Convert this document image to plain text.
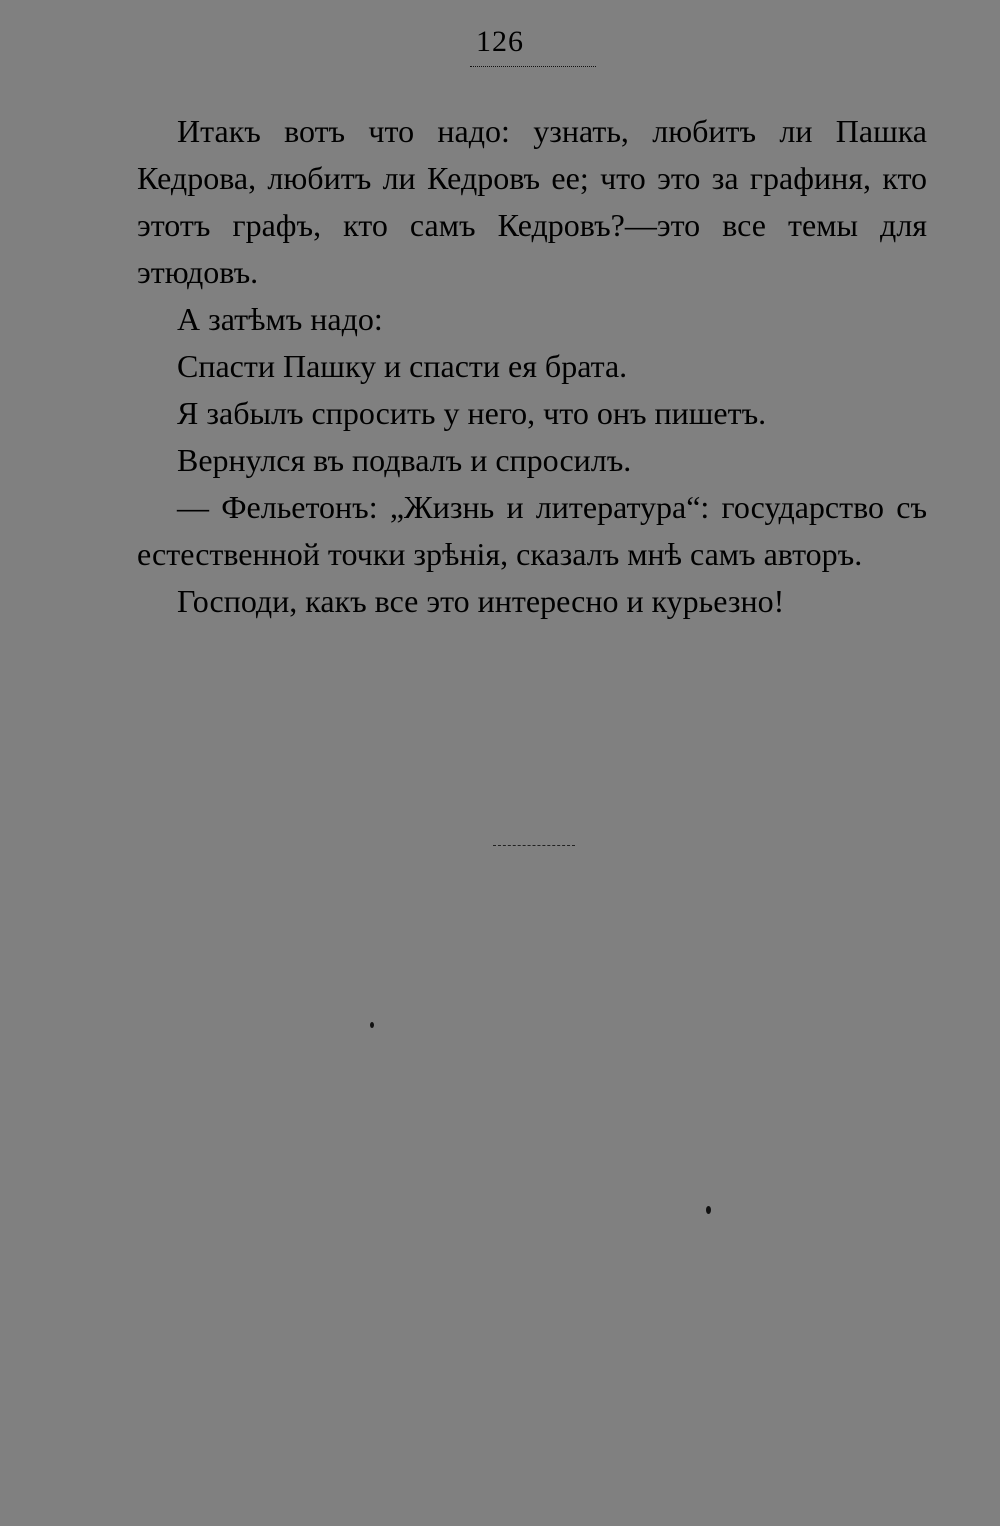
126

Итакъ вотъ что надо: узнать, любитъ ли Пашка Кедрова, любитъ ли Кедровъ ее; что это за графиня, кто этотъ графъ, кто самъ Кедровъ?—это все темы для этюдовъ.

А затѣмъ надо:

Спасти Пашку и спасти ея брата.

Я забылъ спросить у него, что онъ пишетъ.

Вернулся въ подвалъ и спросилъ.

— Фельетонъ: „Жизнь и литература“: государство съ естественной точки зрѣнія, сказалъ мнѣ самъ авторъ.

Господи, какъ все это интересно и курьезно!
